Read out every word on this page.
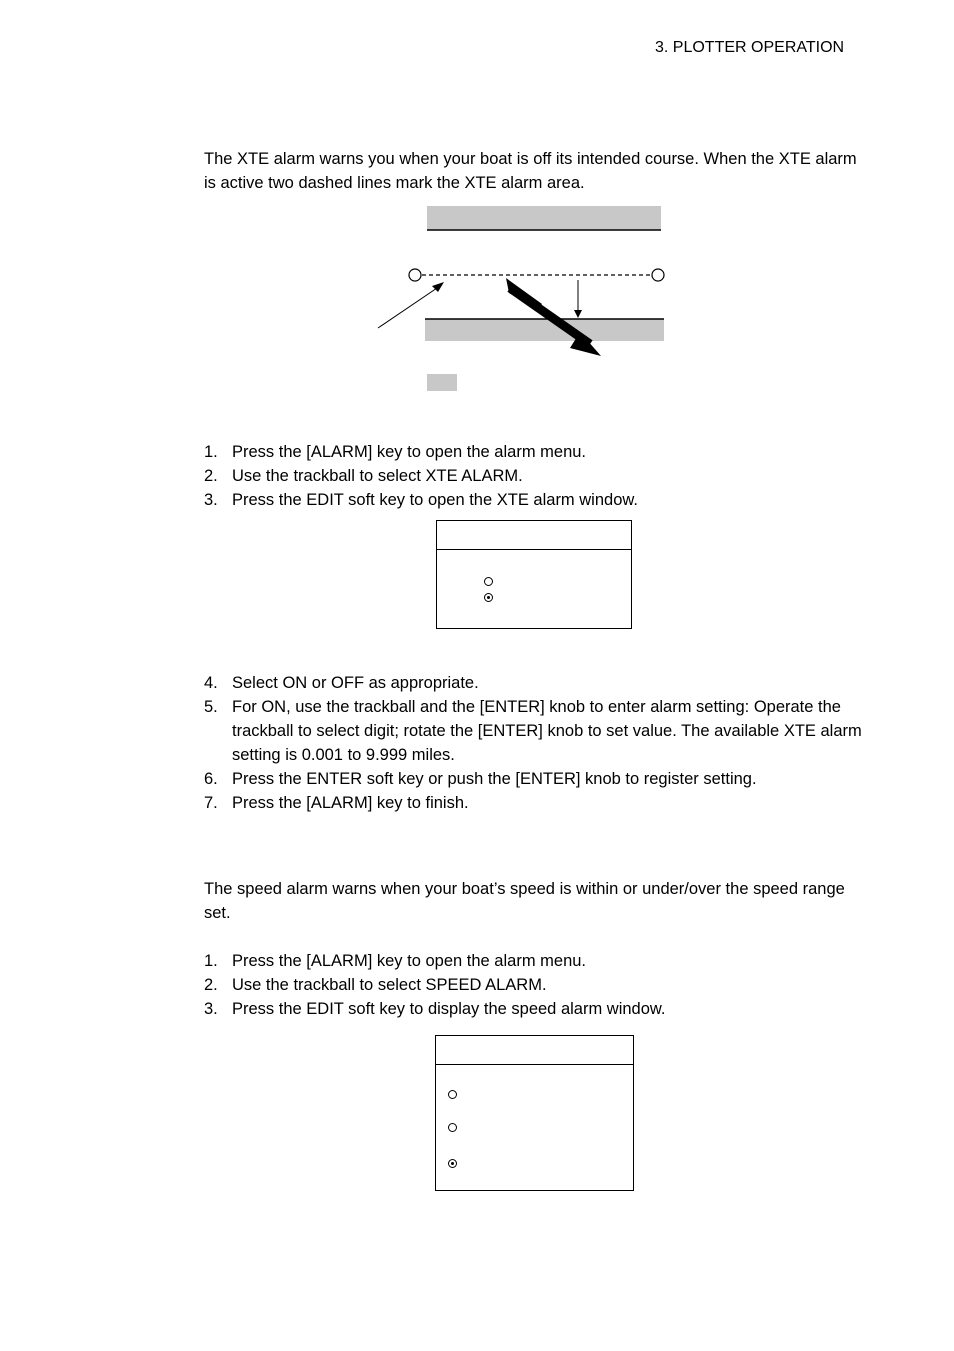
3. PLOTTER OPERATION
The XTE alarm warns you when your boat is off its intended course. When the XTE alarm is active two dashed lines mark the XTE alarm area.
1. Press the [ALARM] key to open the alarm menu.
2. Use the trackball to select XTE ALARM.
3. Press the EDIT soft key to open the XTE alarm window.
4. Select ON or OFF as appropriate.
5. For ON, use the trackball and the [ENTER] knob to enter alarm setting: Operate the trackball to select digit; rotate the [ENTER] knob to set value. The available XTE alarm setting is 0.001 to 9.999 miles.
6. Press the ENTER soft key or push the [ENTER] knob to register setting.
7. Press the [ALARM] key to finish.
The speed alarm warns when your boat’s speed is within or under/over the speed range set.
1. Press the [ALARM] key to open the alarm menu.
2. Use the trackball to select SPEED ALARM.
3. Press the EDIT soft key to display the speed alarm window.
